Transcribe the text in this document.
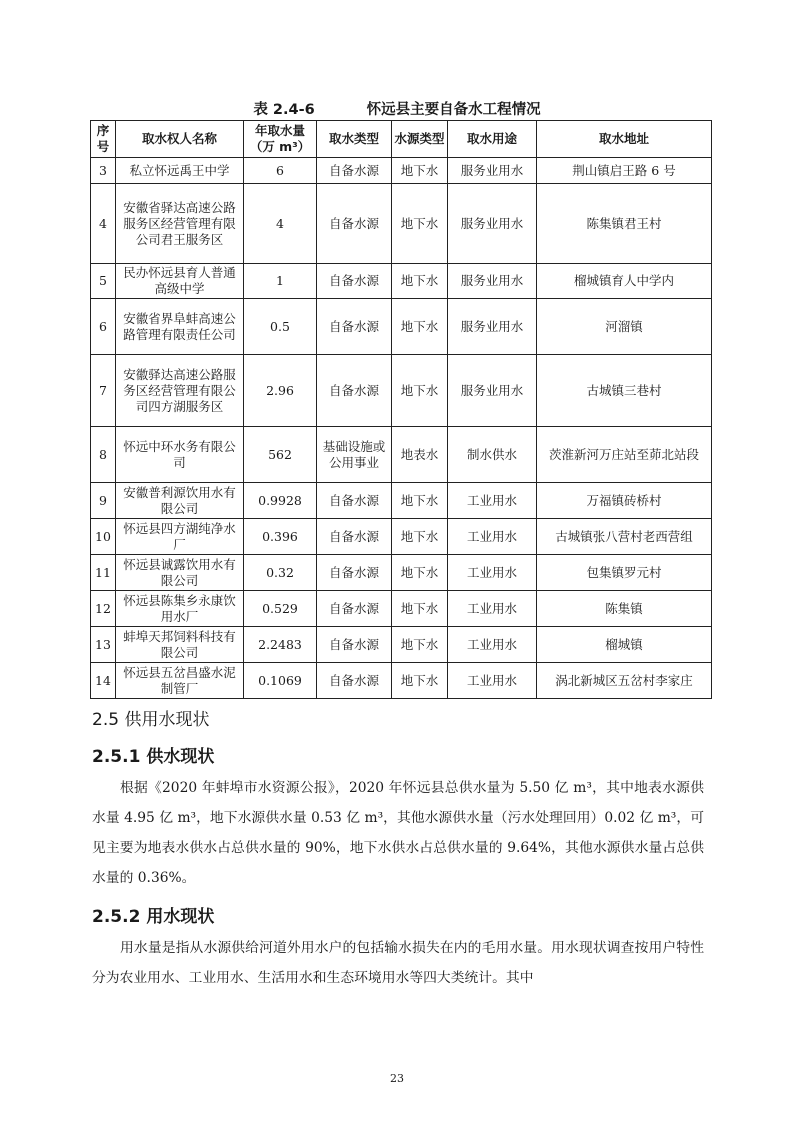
表 2.4-6	怀远县主要自备水工程情况
序号	取水权人名称	年取水量（万 m³）	取水类型	水源类型	取水用途	取水地址
3	私立怀远禹王中学	6	自备水源	地下水	服务业用水	荆山镇启王路 6 号
4	安徽省驿达高速公路服务区经营管理有限公司君王服务区	4	自备水源	地下水	服务业用水	陈集镇君王村
5	民办怀远县育人普通高级中学	1	自备水源	地下水	服务业用水	榴城镇育人中学内
6	安徽省界阜蚌高速公路管理有限责任公司	0.5	自备水源	地下水	服务业用水	河溜镇
7	安徽驿达高速公路服务区经营管理有限公司四方湖服务区	2.96	自备水源	地下水	服务业用水	古城镇三巷村
8	怀远中环水务有限公司	562	基础设施或公用事业	地表水	制水供水	茨淮新河万庄站至茆北站段
9	安徽普利源饮用水有限公司	0.9928	自备水源	地下水	工业用水	万福镇砖桥村
10	怀远县四方湖纯净水厂	0.396	自备水源	地下水	工业用水	古城镇张八营村老西营组
11	怀远县诚露饮用水有限公司	0.32	自备水源	地下水	工业用水	包集镇罗元村
12	怀远县陈集乡永康饮用水厂	0.529	自备水源	地下水	工业用水	陈集镇
13	蚌埠天邦饲料科技有限公司	2.2483	自备水源	地下水	工业用水	榴城镇
14	怀远县五岔昌盛水泥制管厂	0.1069	自备水源	地下水	工业用水	涡北新城区五岔村李家庄
2.5 供用水现状
2.5.1 供水现状

根据《2020 年蚌埠市水资源公报》，2020 年怀远县总供水量为 5.50 亿 m³，其中地表水源供水量 4.95 亿 m³，地下水源供水量 0.53 亿 m³，其他水源供水量（污水处理回用）0.02 亿 m³，可见主要为地表水供水占总供水量的 90%，地下水供水占总供水量的 9.64%，其他水源供水量占总供水量的 0.36%。

2.5.2 用水现状

用水量是指从水源供给河道外用水户的包括输水损失在内的毛用水量。用水现状调查按用户特性分为农业用水、工业用水、生活用水和生态环境用水等四大类统计。其中

23
